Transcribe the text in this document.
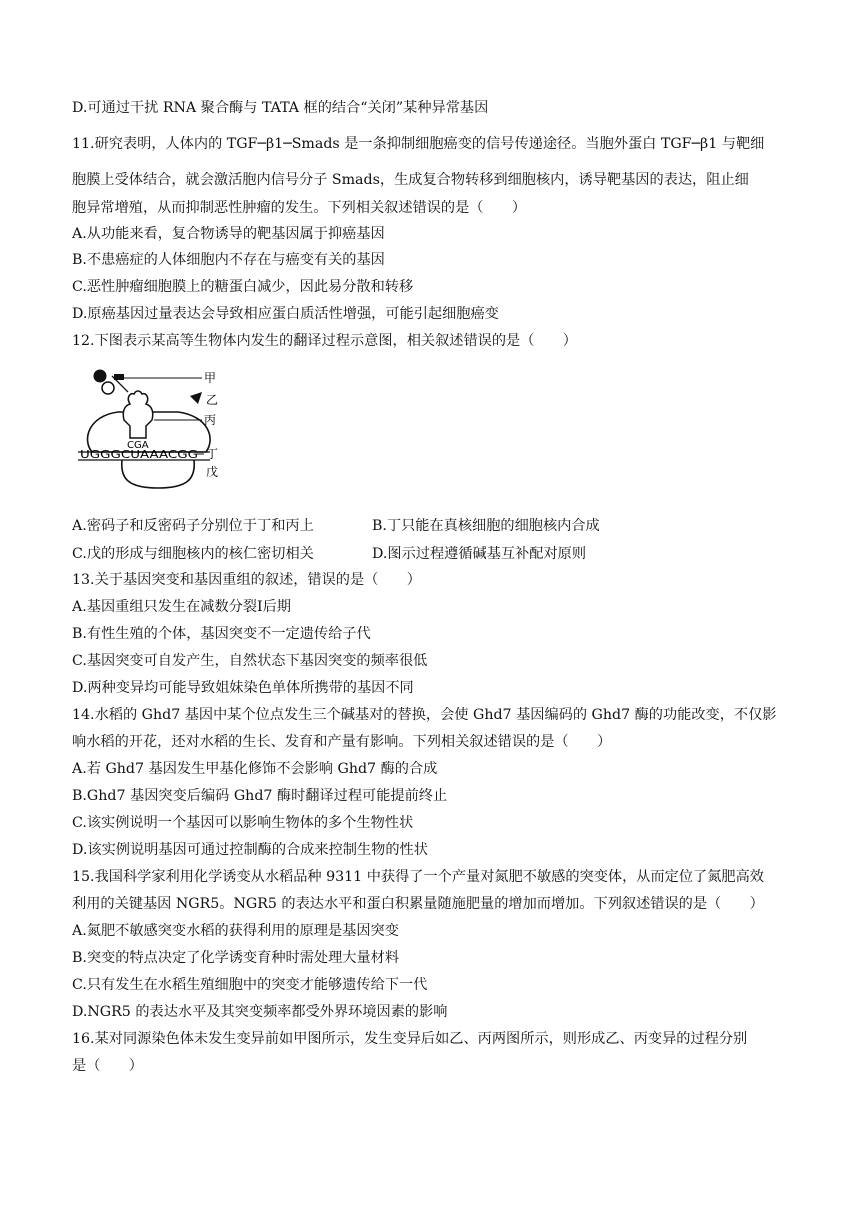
D.可通过干扰 RNA 聚合酶与 TATA 框的结合“关闭”某种异常基因
11.研究表明，人体内的 TGF─β1─Smads 是一条抑制细胞癌变的信号传递途径。当胞外蛋白 TGF─β1 与靶细
胞膜上受体结合，就会激活胞内信号分子 Smads，生成复合物转移到细胞核内，诱导靶基因的表达，阻止细
胞异常增殖，从而抑制恶性肿瘤的发生。下列相关叙述错误的是（　　）
A.从功能来看，复合物诱导的靶基因属于抑癌基因
B.不患癌症的人体细胞内不存在与癌变有关的基因
C.恶性肿瘤细胞膜上的糖蛋白减少，因此易分散和转移
D.原癌基因过量表达会导致相应蛋白质活性增强，可能引起细胞癌变
12.下图表示某高等生物体内发生的翻译过程示意图，相关叙述错误的是（　　）
UGGGCUAAACGG
CGA
甲
乙
丙
丁
戊
A.密码子和反密码子分别位于丁和丙上	B.丁只能在真核细胞的细胞核内合成
C.戊的形成与细胞核内的核仁密切相关	D.图示过程遵循碱基互补配对原则
13.关于基因突变和基因重组的叙述，错误的是（　　）
A.基因重组只发生在减数分裂Ⅰ后期
B.有性生殖的个体，基因突变不一定遗传给子代
C.基因突变可自发产生，自然状态下基因突变的频率很低
D.两种变异均可能导致姐妹染色单体所携带的基因不同
14.水稻的 Ghd7 基因中某个位点发生三个碱基对的替换，会使 Ghd7 基因编码的 Ghd7 酶的功能改变，不仅影
响水稻的开花，还对水稻的生长、发育和产量有影响。下列相关叙述错误的是（　　）
A.若 Ghd7 基因发生甲基化修饰不会影响 Ghd7 酶的合成
B.Ghd7 基因突变后编码 Ghd7 酶时翻译过程可能提前终止
C.该实例说明一个基因可以影响生物体的多个生物性状
D.该实例说明基因可通过控制酶的合成来控制生物的性状
15.我国科学家利用化学诱变从水稻品种 9311 中获得了一个产量对氮肥不敏感的突变体，从而定位了氮肥高效
利用的关键基因 NGR5。NGR5 的表达水平和蛋白积累量随施肥量的增加而增加。下列叙述错误的是（　　）
A.氮肥不敏感突变水稻的获得利用的原理是基因突变
B.突变的特点决定了化学诱变育种时需处理大量材料
C.只有发生在水稻生殖细胞中的突变才能够遗传给下一代
D.NGR5 的表达水平及其突变频率都受外界环境因素的影响
16.某对同源染色体未发生变异前如甲图所示，发生变异后如乙、丙两图所示，则形成乙、丙变异的过程分别
是（　　）
